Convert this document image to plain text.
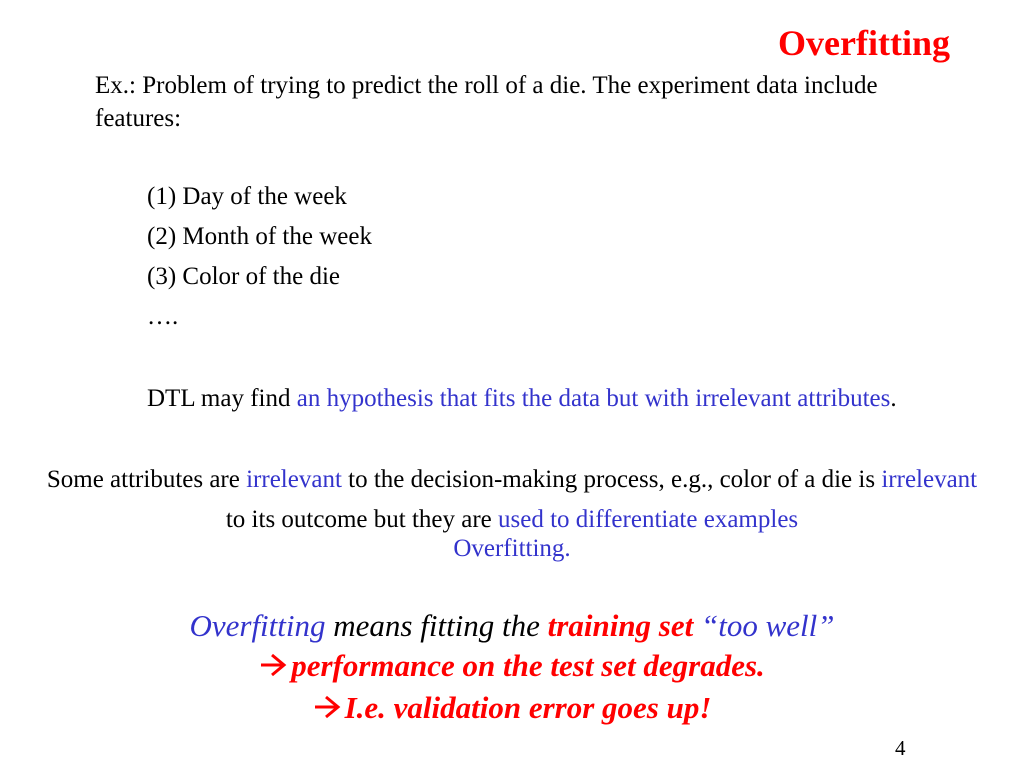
Overfitting
Ex.: Problem of trying to predict the roll of a die. The experiment data include features:
(1) Day of the week
(2) Month of the week
(3) Color of the die
….
DTL may find an hypothesis that fits the data but with irrelevant attributes.
Some attributes are irrelevant to the decision-making process, e.g., color of a die is irrelevant to its outcome but they are used to differentiate examples
Overfitting.
Overfitting means fitting the training set “too well”
performance on the test set degrades.
I.e. validation error goes up!
4
